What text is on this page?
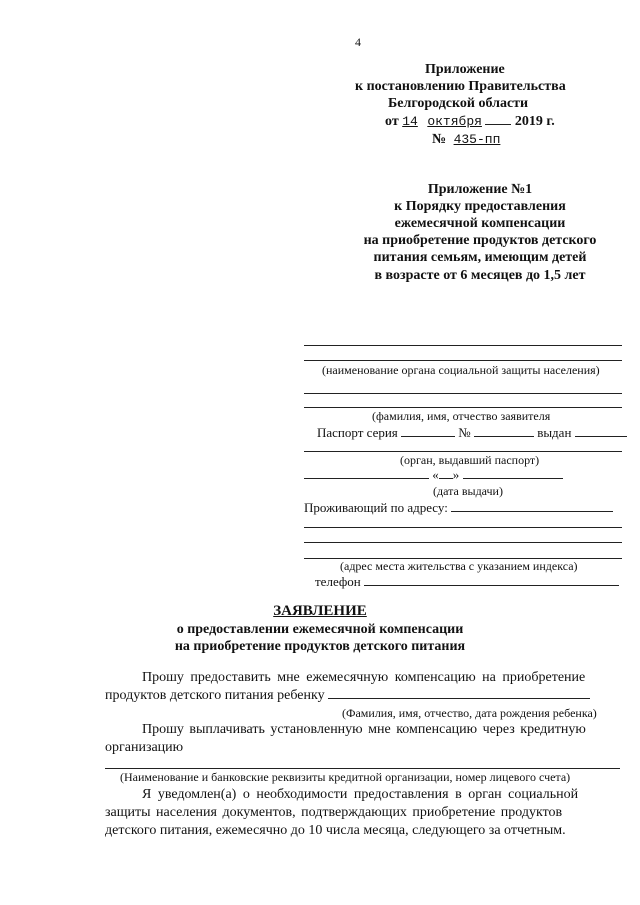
4
Приложение
к постановлению Правительства
Белгородской области
от 14 октября 2019 г.
№ 435-пп
Приложение №1
к Порядку предоставления
ежемесячной компенсации
на приобретение продуктов детского
питания семьям, имеющим детей
в возрасте от 6 месяцев до 1,5 лет
(наименование органа социальной защиты населения)
(фамилия, имя, отчество заявителя
Паспорт серия	№	выдан
(орган, выдавший паспорт)
« »
(дата выдачи)
Проживающий по адресу:
(адрес места жительства с указанием индекса)
телефон
ЗАЯВЛЕНИЕ
о предоставлении ежемесячной компенсации
на приобретение продуктов детского питания
Прошу предоставить мне ежемесячную компенсацию на приобретение
продуктов детского питания ребенку
(Фамилия, имя, отчество, дата рождения ребенка)
Прошу выплачивать установленную мне компенсацию через кредитную
организацию
(Наименование и банковские реквизиты кредитной организации, номер лицевого счета)
Я уведомлен(а) о необходимости предоставления в орган социальной
защиты населения документов, подтверждающих приобретение продуктов
детского питания, ежемесячно до 10 числа месяца, следующего за отчетным.
